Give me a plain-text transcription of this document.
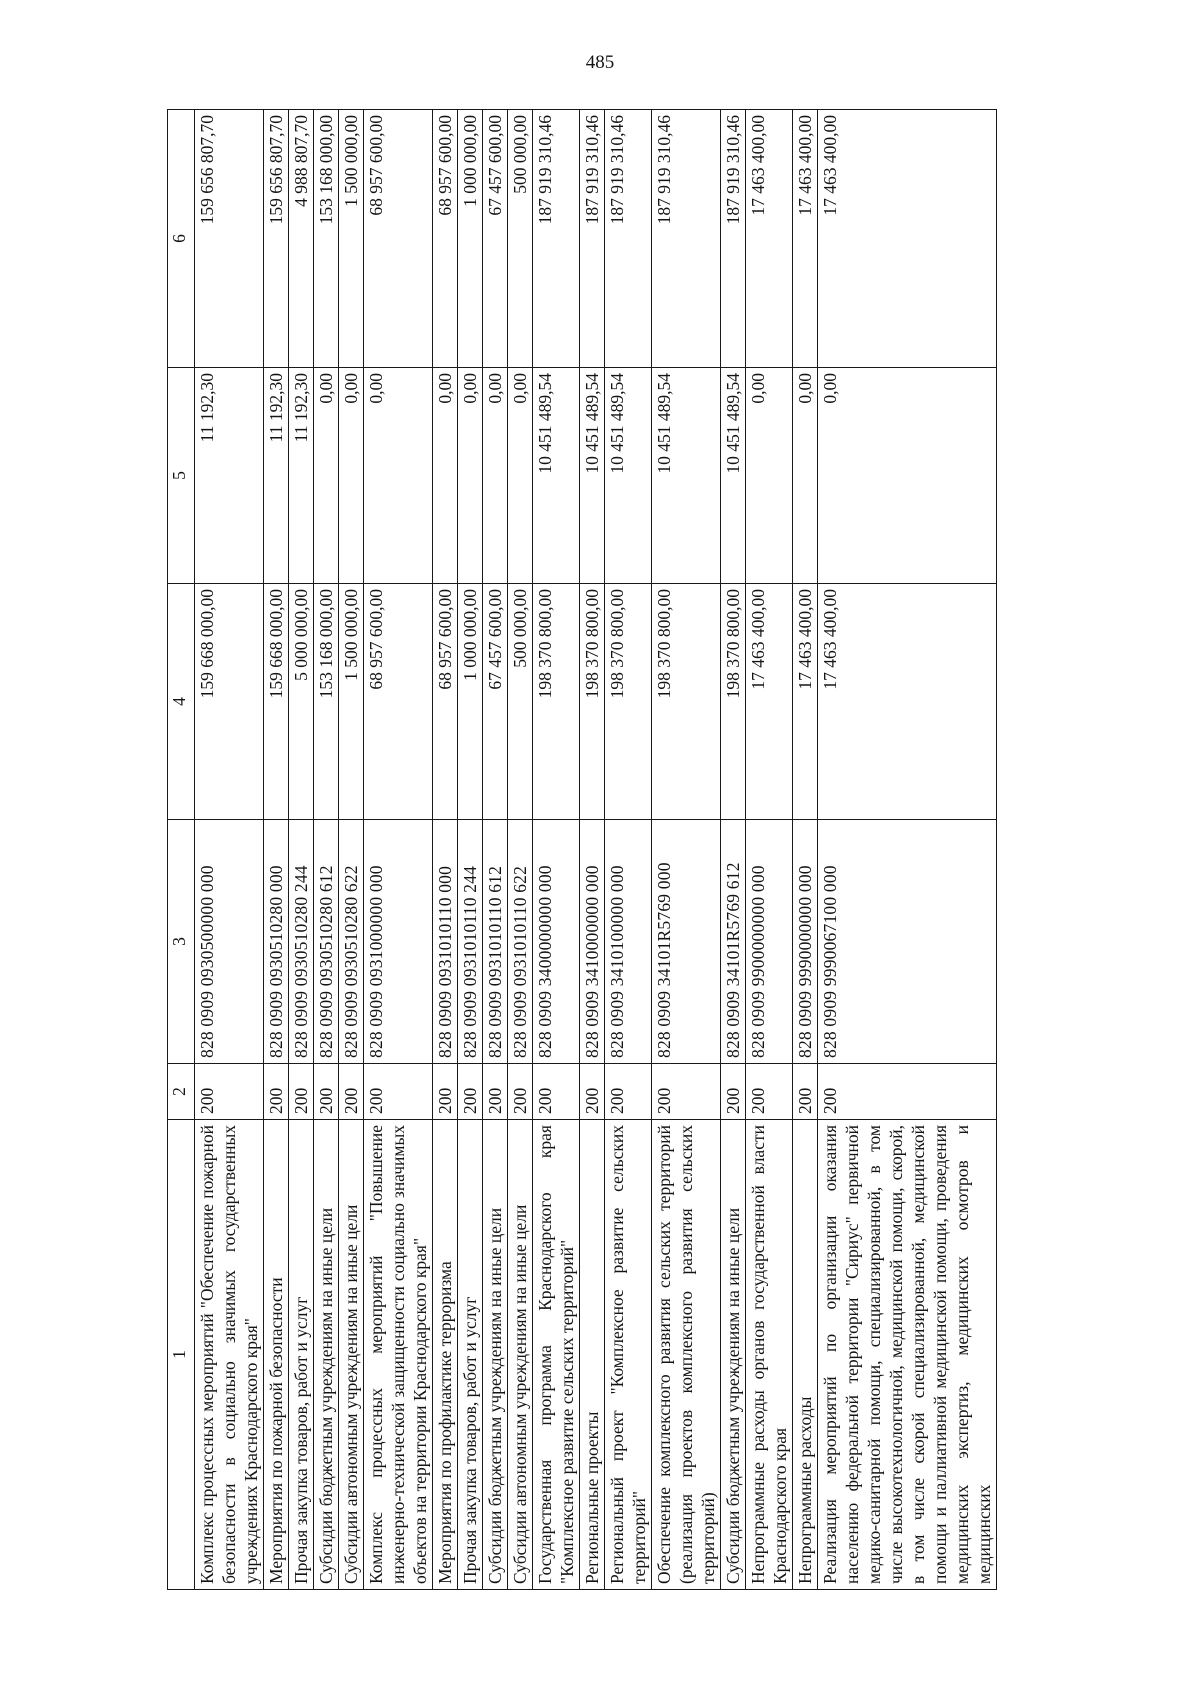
485
1	2	3	4	5	6
Комплекс процессных мероприятий "Обеспечение пожарной безопасности в социально значимых государственных учреждениях Краснодарского края"	200	828 0909 0930500000 000	159 668 000,00	11 192,30	159 656 807,70
Мероприятия по пожарной безопасности	200	828 0909 0930510280 000	159 668 000,00	11 192,30	159 656 807,70
Прочая закупка товаров, работ и услуг	200	828 0909 0930510280 244	5 000 000,00	11 192,30	4 988 807,70
Субсидии бюджетным учреждениям на иные цели	200	828 0909 0930510280 612	153 168 000,00	0,00	153 168 000,00
Субсидии автономным учреждениям на иные цели	200	828 0909 0930510280 622	1 500 000,00	0,00	1 500 000,00
Комплекс процессных мероприятий "Повышение инженерно-технической защищенности социально значимых объектов на территории Краснодарского края"	200	828 0909 0931000000 000	68 957 600,00	0,00	68 957 600,00
Мероприятия по профилактике терроризма	200	828 0909 0931010110 000	68 957 600,00	0,00	68 957 600,00
Прочая закупка товаров, работ и услуг	200	828 0909 0931010110 244	1 000 000,00	0,00	1 000 000,00
Субсидии бюджетным учреждениям на иные цели	200	828 0909 0931010110 612	67 457 600,00	0,00	67 457 600,00
Субсидии автономным учреждениям на иные цели	200	828 0909 0931010110 622	500 000,00	0,00	500 000,00
Государственная программа Краснодарского края "Комплексное развитие сельских территорий"	200	828 0909 3400000000 000	198 370 800,00	10 451 489,54	187 919 310,46
Региональные проекты	200	828 0909 3410000000 000	198 370 800,00	10 451 489,54	187 919 310,46
Региональный проект "Комплексное развитие сельских территорий"	200	828 0909 3410100000 000	198 370 800,00	10 451 489,54	187 919 310,46
Обеспечение комплексного развития сельских территорий (реализация проектов комплексного развития сельских территорий)	200	828 0909 34101R5769 000	198 370 800,00	10 451 489,54	187 919 310,46
Субсидии бюджетным учреждениям на иные цели	200	828 0909 34101R5769 612	198 370 800,00	10 451 489,54	187 919 310,46
Непрограммные расходы органов государственной власти Краснодарского края	200	828 0909 9900000000 000	17 463 400,00	0,00	17 463 400,00
Непрограммные расходы	200	828 0909 9990000000 000	17 463 400,00	0,00	17 463 400,00
Реализация мероприятий по организации оказания населению федеральной территории "Сириус" первичной медико-санитарной помощи, специализированной, в том числе высокотехнологичной, медицинской помощи, скорой, в том числе скорой специализированной, медицинской помощи и паллиативной медицинской помощи, проведения медицинских экспертиз, медицинских осмотров и медицинских	200	828 0909 9990067100 000	17 463 400,00	0,00	17 463 400,00
